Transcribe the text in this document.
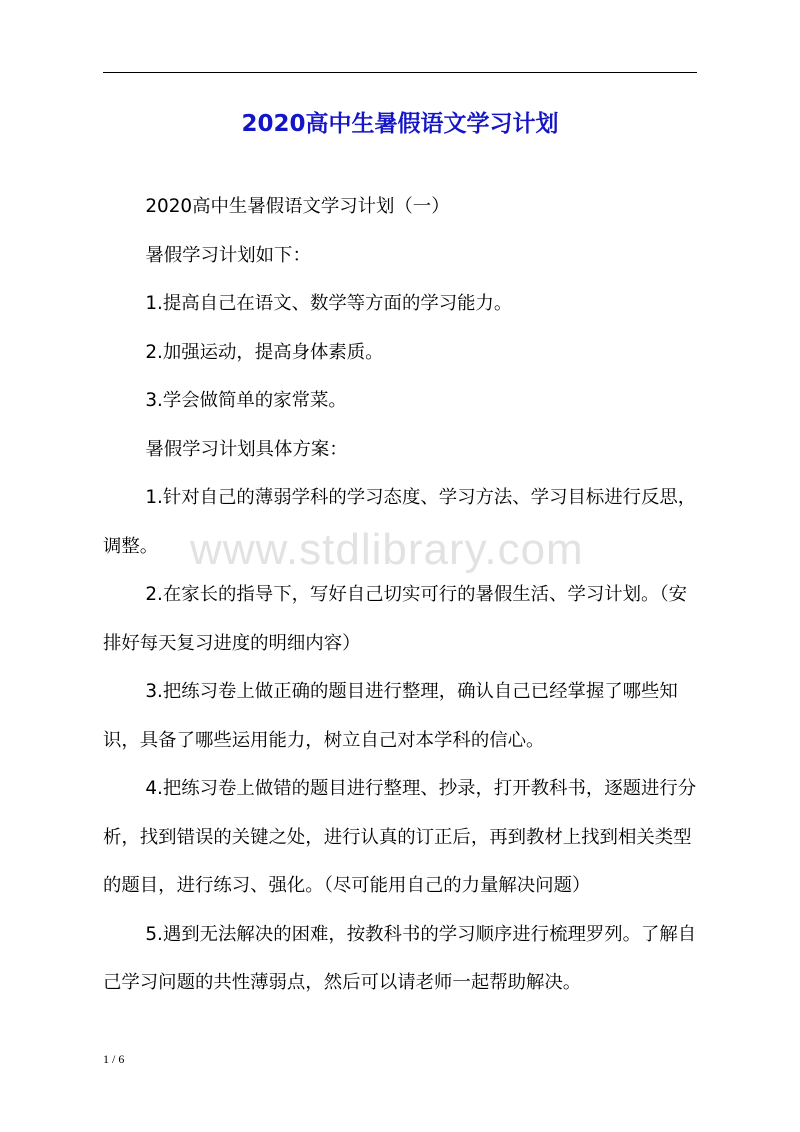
2020高中生暑假语文学习计划
www.stdlibrary.com

2020高中生暑假语文学习计划（一）

暑假学习计划如下：

1.提高自己在语文、数学等方面的学习能力。

2.加强运动，提高身体素质。

3.学会做简单的家常菜。

暑假学习计划具体方案：

1.针对自己的薄弱学科的学习态度、学习方法、学习目标进行反思，调整。

2.在家长的指导下，写好自己切实可行的暑假生活、学习计划。（安排好每天复习进度的明细内容）

3.把练习卷上做正确的题目进行整理，确认自己已经掌握了哪些知识，具备了哪些运用能力，树立自己对本学科的信心。

4.把练习卷上做错的题目进行整理、抄录，打开教科书，逐题进行分析，找到错误的关键之处，进行认真的订正后，再到教材上找到相关类型的题目，进行练习、强化。（尽可能用自己的力量解决问题）

5.遇到无法解决的困难，按教科书的学习顺序进行梳理罗列。了解自己学习问题的共性薄弱点，然后可以请老师一起帮助解决。

1 / 6
